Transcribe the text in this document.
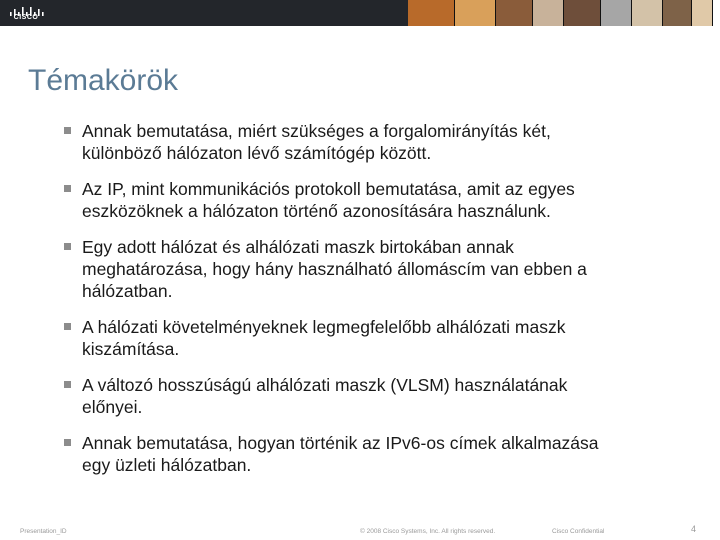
CISCO
Témakörök
Annak bemutatása, miért szükséges a forgalomirányítás két,
különböző hálózaton lévő számítógép között.
Az IP, mint kommunikációs protokoll bemutatása, amit az egyes
eszközöknek a hálózaton történő azonosítására használunk.
Egy adott hálózat és alhálózati maszk birtokában annak
meghatározása, hogy hány használható állomáscím van ebben a
hálózatban.
A hálózati követelményeknek legmegfelelőbb alhálózati maszk
kiszámítása.
A változó hosszúságú alhálózati maszk (VLSM) használatának
előnyei.
Annak bemutatása, hogyan történik az IPv6-os címek alkalmazása
egy üzleti hálózatban.
Presentation_ID	© 2008 Cisco Systems, Inc. All rights reserved.	Cisco Confidential	4
